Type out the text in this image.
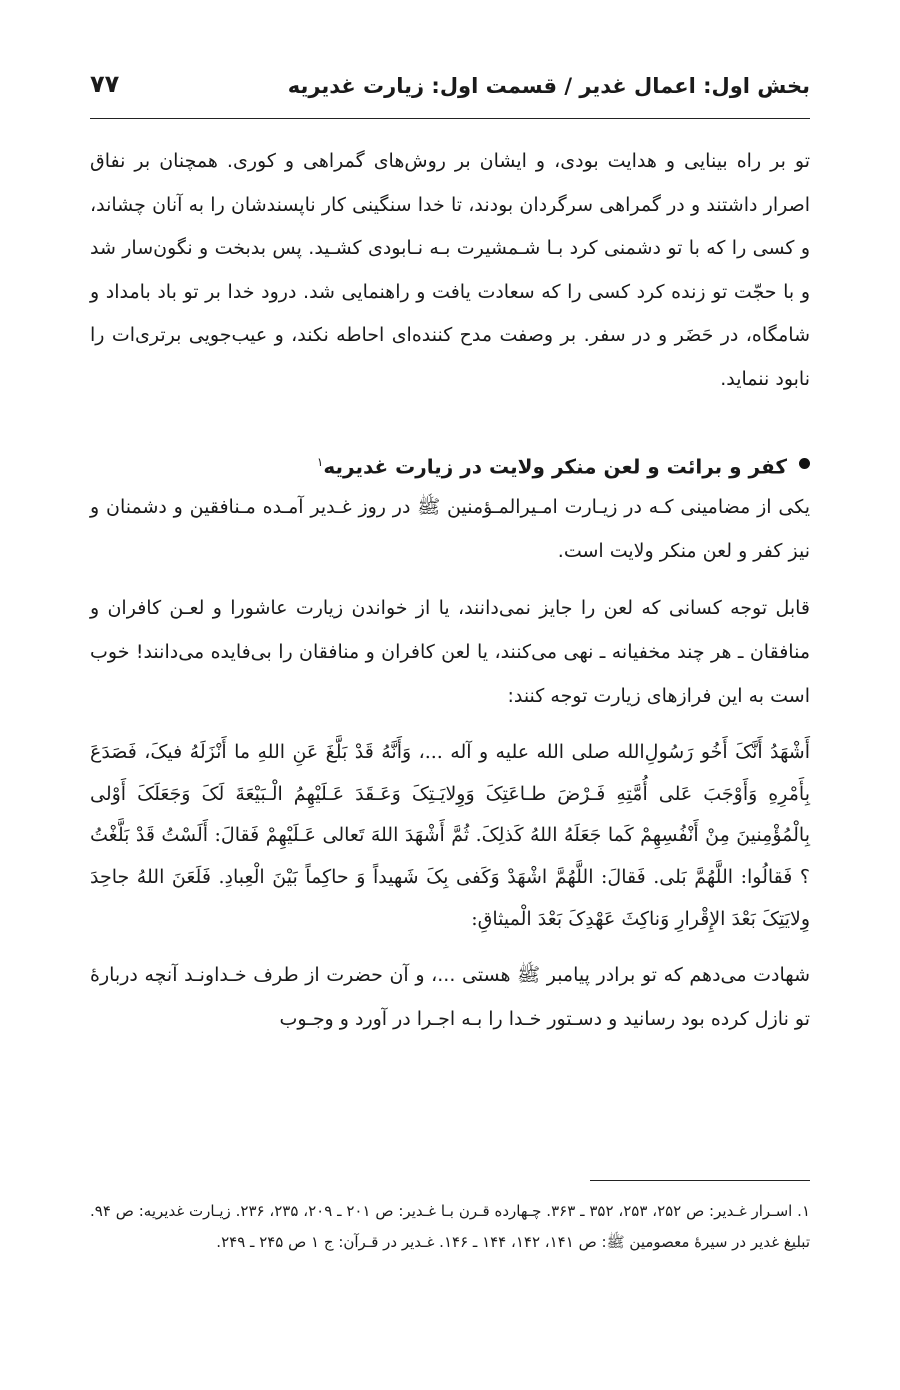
بخش اول: اعمال غدیر / قسمت اول: زیارت غدیریه
۷۷

تو بر راه بینایی و هدایت بودی، و ایشان بر روش‌های گمراهی و کوری. همچنان بر نفاق اصرار داشتند و در گمراهی سرگردان بودند، تا خدا سنگینی کار ناپسندشان را به آنان چشاند، و کسی را که با تو دشمنی کرد بـا شـمشیرت بـه نـابودی کشـید. پس بدبخت و نگون‌سار شد و با حجّت تو زنده کرد کسی را که سعادت یافت و راهنمایی شد. درود خدا بر تو باد بامداد و شامگاه، در حَضَر و در سفر. بر وصفت مدح کننده‌ای احاطه نکند، و عیب‌جویی برتری‌ات را نابود ننماید.

کفر و برائت و لعن منکر ولایت در زیارت غدیریه$^۱$

یکی از مضامینی کـه در زیـارت امـیرالمـؤمنین ﷺ در روز غـدیر آمـده مـنافقین و دشمنان و نیز کفر و لعن منکر ولایت است.

قابل توجه کسانی که لعن را جایز نمی‌دانند، یا از خواندن زیارت عاشورا و لعـن کافران و منافقان ـ هر چند مخفیانه ـ نهی می‌کنند، یا لعن کافران و منافقان را بی‌فایده می‌دانند! خوب است به این فرازهای زیارت توجه کنند:

أَشْهَدُ أَنَّکَ أَخُو رَسُولِ‌الله صلی الله علیه و آله ...، وَأَنَّهُ قَدْ بَلَّغَ عَنِ اللهِ ما أَنْزَلَهُ فیکَ، فَصَدَعَ بِأَمْرِهِ وَأَوْجَبَ عَلى أُمَّتِهِ فَـرْضَ طـاعَتِکَ وَوِلایَـتِکَ وَعَـقَدَ عَـلَیْهِمُ الْـبَیْعَةَ لَکَ وَجَعَلَکَ أَوْلى بِالْمُؤْمِنینَ مِنْ أَنْفُسِهِمْ کَما جَعَلَهُ اللهُ کَذلِکَ. ثُمَّ أَشْهَدَ اللهَ تَعالى عَـلَیْهِمْ فَقالَ: أَلَسْتُ قَدْ بَلَّغْتُ ؟ فَقالُوا: اللَّهُمَّ بَلى. فَقالَ: اللَّهُمَّ اشْهَدْ وَکَفى بِکَ شَهیداً وَ حاکِماً بَیْنَ الْعِبادِ. فَلَعَنَ اللهُ جاحِدَ وِلایَتِکَ بَعْدَ الإِقْرارِ وَناکِثَ عَهْدِکَ بَعْدَ الْمیثاقِ:

شهادت می‌دهم که تو برادر پیامبر ﷺ هستی ...، و آن حضرت از طرف خـداونـد آنچه دربارهٔ تو نازل کرده بود رسانید و دسـتور خـدا را بـه اجـرا در آورد و وجـوب

۱. اسـرار غـدیر: ص ۲۵۲، ۲۵۳، ۳۵۲ ـ ۳۶۳. چـهارده قـرن بـا غـدیر: ص ۲۰۱ ـ ۲۰۹، ۲۳۵، ۲۳۶. زیـارت غدیریه: ص ۹۴. تبلیغ غدیر در سیرهٔ معصومین ﷺ: ص ۱۴۱، ۱۴۲، ۱۴۴ ـ ۱۴۶. غـدیر در قـرآن: ج ۱ ص ۲۴۵ ـ ۲۴۹.
